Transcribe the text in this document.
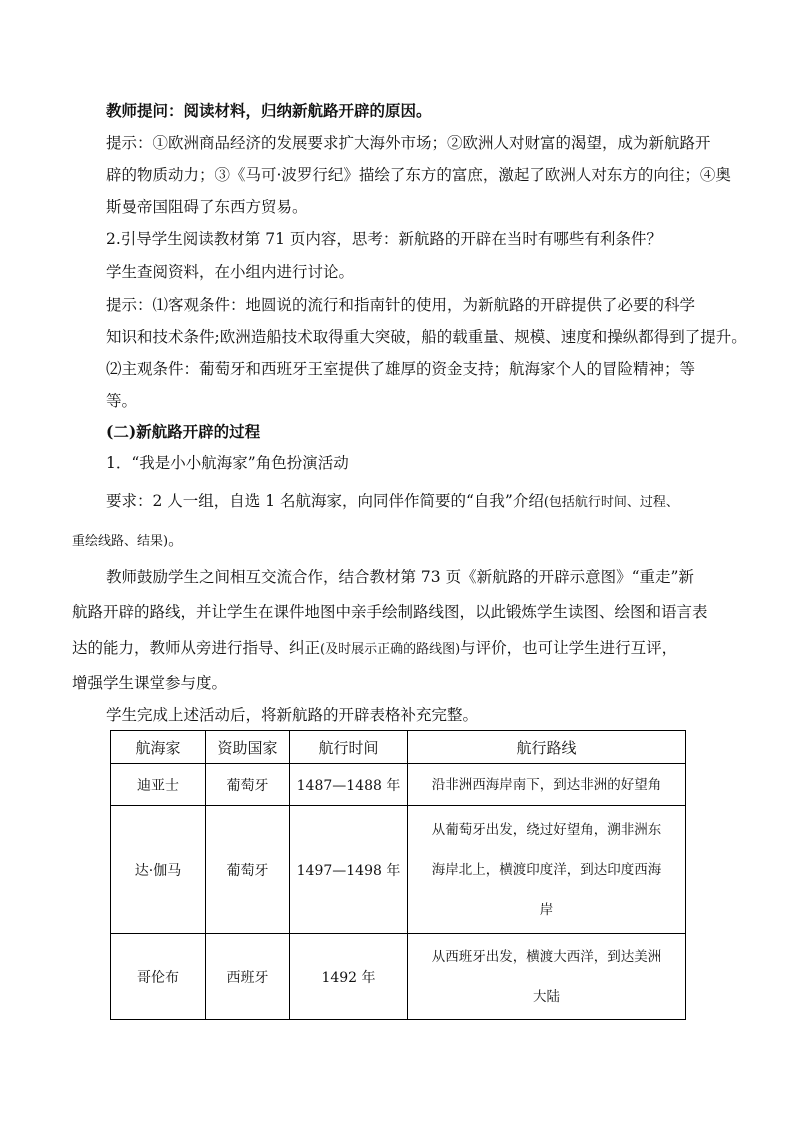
教师提问：阅读材料，归纳新航路开辟的原因。
提示：①欧洲商品经济的发展要求扩大海外市场；②欧洲人对财富的渴望，成为新航路开
辟的物质动力；③《马可·波罗行纪》描绘了东方的富庶，激起了欧洲人对东方的向往；④奥
斯曼帝国阻碍了东西方贸易。
2.引导学生阅读教材第 71 页内容，思考：新航路的开辟在当时有哪些有利条件？
学生查阅资料，在小组内进行讨论。
提示：⑴客观条件：地圆说的流行和指南针的使用，为新航路的开辟提供了必要的科学
知识和技术条件;欧洲造船技术取得重大突破，船的载重量、规模、速度和操纵都得到了提升。
⑵主观条件：葡萄牙和西班牙王室提供了雄厚的资金支持；航海家个人的冒险精神；等
等。
(二)新航路开辟的过程
1．“我是小小航海家”角色扮演活动
要求：2 人一组，自选 1 名航海家，向同伴作简要的“自我”介绍(包括航行时间、过程、
重绘线路、结果)。
教师鼓励学生之间相互交流合作，结合教材第 73 页《新航路的开辟示意图》“重走”新
航路开辟的路线，并让学生在课件地图中亲手绘制路线图，以此锻炼学生读图、绘图和语言表
达的能力，教师从旁进行指导、纠正(及时展示正确的路线图)与评价，也可让学生进行互评，
增强学生课堂参与度。
学生完成上述活动后，将新航路的开辟表格补充完整。
航海家	资助国家	航行时间	航行路线
迪亚士	葡萄牙	1487—1488 年	沿非洲西海岸南下，到达非洲的好望角

达·伽马	葡萄牙	1497—1498 年	从葡萄牙出发，绕过好望角，溯非洲东
海岸北上，横渡印度洋，到达印度西海
岸

哥伦布	西班牙	1492 年	从西班牙出发，横渡大西洋，到达美洲
大陆
